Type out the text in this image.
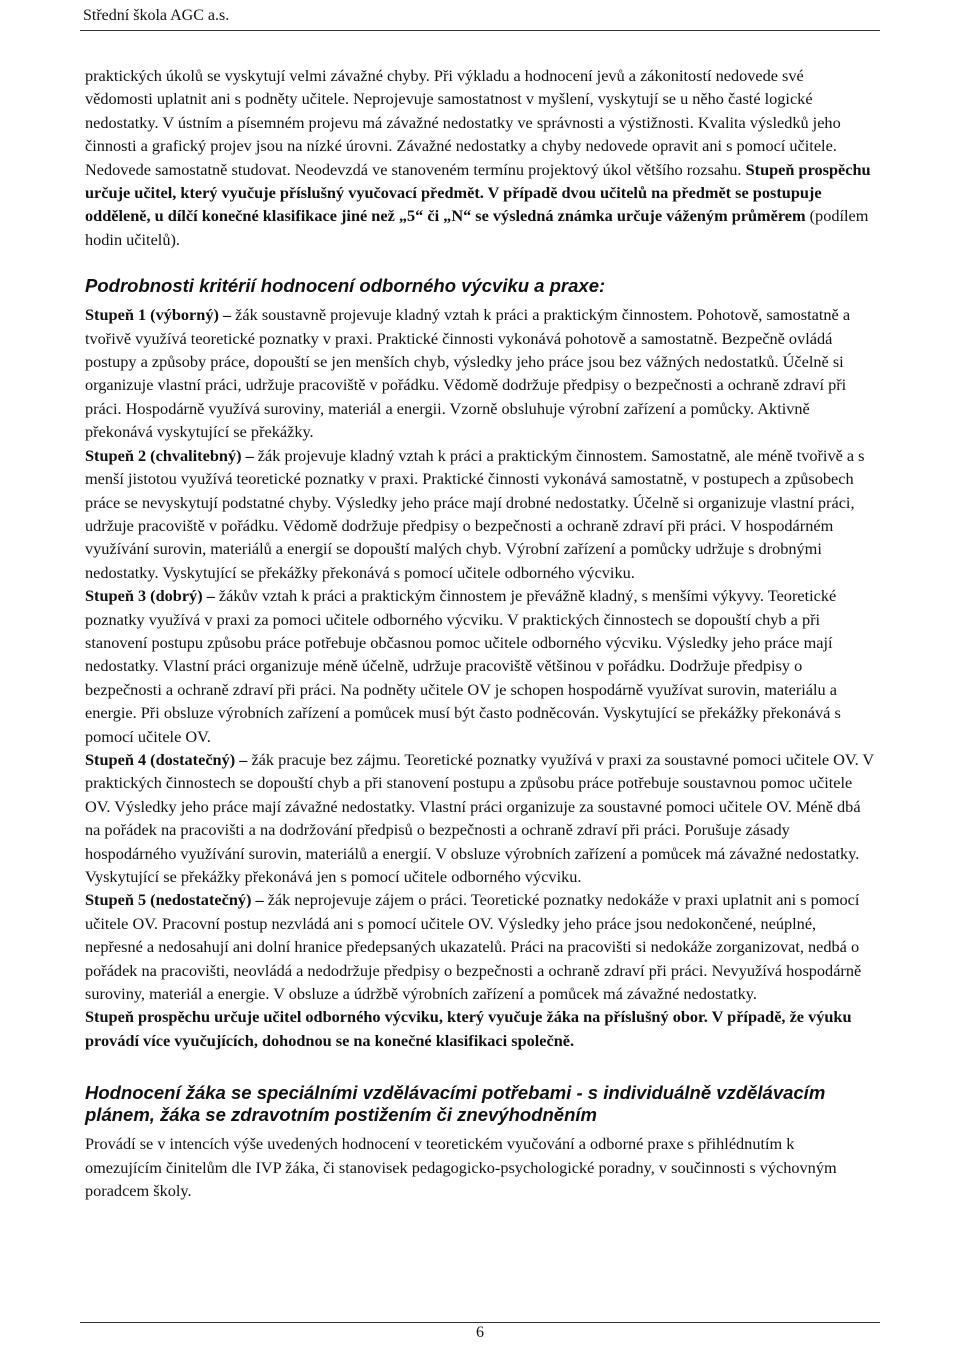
Střední škola AGC a.s.

praktických úkolů se vyskytují velmi závažné chyby. Při výkladu a hodnocení jevů a zákonitostí nedovede své vědomosti uplatnit ani s podněty učitele. Neprojevuje samostatnost v myšlení, vyskytují se u něho časté logické nedostatky. V ústním a písemném projevu má závažné nedostatky ve správnosti a výstižnosti. Kvalita výsledků jeho činnosti a grafický projev jsou na nízké úrovni. Závažné nedostatky a chyby nedovede opravit ani s pomocí učitele. Nedovede samostatně studovat. Neodevzdá ve stanoveném termínu projektový úkol většího rozsahu. Stupeň prospěchu určuje učitel, který vyučuje příslušný vyučovací předmět. V případě dvou učitelů na předmět se postupuje odděleně, u dílčí konečné klasifikace jiné než „5“ či „N“ se výsledná známka určuje váženým průměrem (podílem hodin učitelů).

Podrobnosti kritérií hodnocení odborného výcviku a praxe:

Stupeň 1 (výborný) – žák soustavně projevuje kladný vztah k práci a praktickým činnostem. Pohotově, samostatně a tvořivě využívá teoretické poznatky v praxi. Praktické činnosti vykonává pohotově a samostatně. Bezpečně ovládá postupy a způsoby práce, dopouští se jen menších chyb, výsledky jeho práce jsou bez vážných nedostatků. Účelně si organizuje vlastní práci, udržuje pracoviště v pořádku. Vědomě dodržuje předpisy o bezpečnosti a ochraně zdraví při práci. Hospodárně využívá suroviny, materiál a energii. Vzorně obsluhuje výrobní zařízení a pomůcky. Aktivně překonává vyskytující se překážky.

Stupeň 2 (chvalitebný) – žák projevuje kladný vztah k práci a praktickým činnostem. Samostatně, ale méně tvořivě a s menší jistotou využívá teoretické poznatky v praxi. Praktické činnosti vykonává samostatně, v postupech a způsobech práce se nevyskytují podstatné chyby. Výsledky jeho práce mají drobné nedostatky. Účelně si organizuje vlastní práci, udržuje pracoviště v pořádku. Vědomě dodržuje předpisy o bezpečnosti a ochraně zdraví při práci. V hospodárném využívání surovin, materiálů a energií se dopouští malých chyb. Výrobní zařízení a pomůcky udržuje s drobnými nedostatky. Vyskytující se překážky překonává s pomocí učitele odborného výcviku.

Stupeň 3 (dobrý) – žákův vztah k práci a praktickým činnostem je převážně kladný, s menšími výkyvy. Teoretické poznatky využívá v praxi za pomoci učitele odborného výcviku. V praktických činnostech se dopouští chyb a při stanovení postupu způsobu práce potřebuje občasnou pomoc učitele odborného výcviku. Výsledky jeho práce mají nedostatky. Vlastní práci organizuje méně účelně, udržuje pracoviště většinou v pořádku. Dodržuje předpisy o bezpečnosti a ochraně zdraví při práci. Na podněty učitele OV je schopen hospodárně využívat surovin, materiálu a energie. Při obsluze výrobních zařízení a pomůcek musí být často podněcován. Vyskytující se překážky překonává s pomocí učitele OV.

Stupeň 4 (dostatečný) – žák pracuje bez zájmu. Teoretické poznatky využívá v praxi za soustavné pomoci učitele OV. V praktických činnostech se dopouští chyb a při stanovení postupu a způsobu práce potřebuje soustavnou pomoc učitele OV. Výsledky jeho práce mají závažné nedostatky. Vlastní práci organizuje za soustavné pomoci učitele OV. Méně dbá na pořádek na pracovišti a na dodržování předpisů o bezpečnosti a ochraně zdraví při práci. Porušuje zásady hospodárného využívání surovin, materiálů a energií. V obsluze výrobních zařízení a pomůcek má závažné nedostatky. Vyskytující se překážky překonává jen s pomocí učitele odborného výcviku.

Stupeň 5 (nedostatečný) – žák neprojevuje zájem o práci. Teoretické poznatky nedokáže v praxi uplatnit ani s pomocí učitele OV. Pracovní postup nezvládá ani s pomocí učitele OV. Výsledky jeho práce jsou nedokončené, neúplné, nepřesné a nedosahují ani dolní hranice předepsaných ukazatelů. Práci na pracovišti si nedokáže zorganizovat, nedbá o pořádek na pracovišti, neovládá a nedodržuje předpisy o bezpečnosti a ochraně zdraví při práci. Nevyužívá hospodárně suroviny, materiál a energie. V obsluze a údržbě výrobních zařízení a pomůcek má závažné nedostatky.

Stupeň prospěchu určuje učitel odborného výcviku, který vyučuje žáka na příslušný obor. V případě, že výuku provádí více vyučujících, dohodnou se na konečné klasifikaci společně.

Hodnocení žáka se speciálními vzdělávacími potřebami - s individuálně vzdělávacím plánem, žáka se zdravotním postižením či znevýhodněním

Provádí se v intencích výše uvedených hodnocení v teoretickém vyučování a odborné praxe s přihlédnutím k omezujícím činitelům dle IVP žáka, či stanovisek pedagogicko-psychologické poradny, v součinnosti s výchovným poradcem školy.

6
